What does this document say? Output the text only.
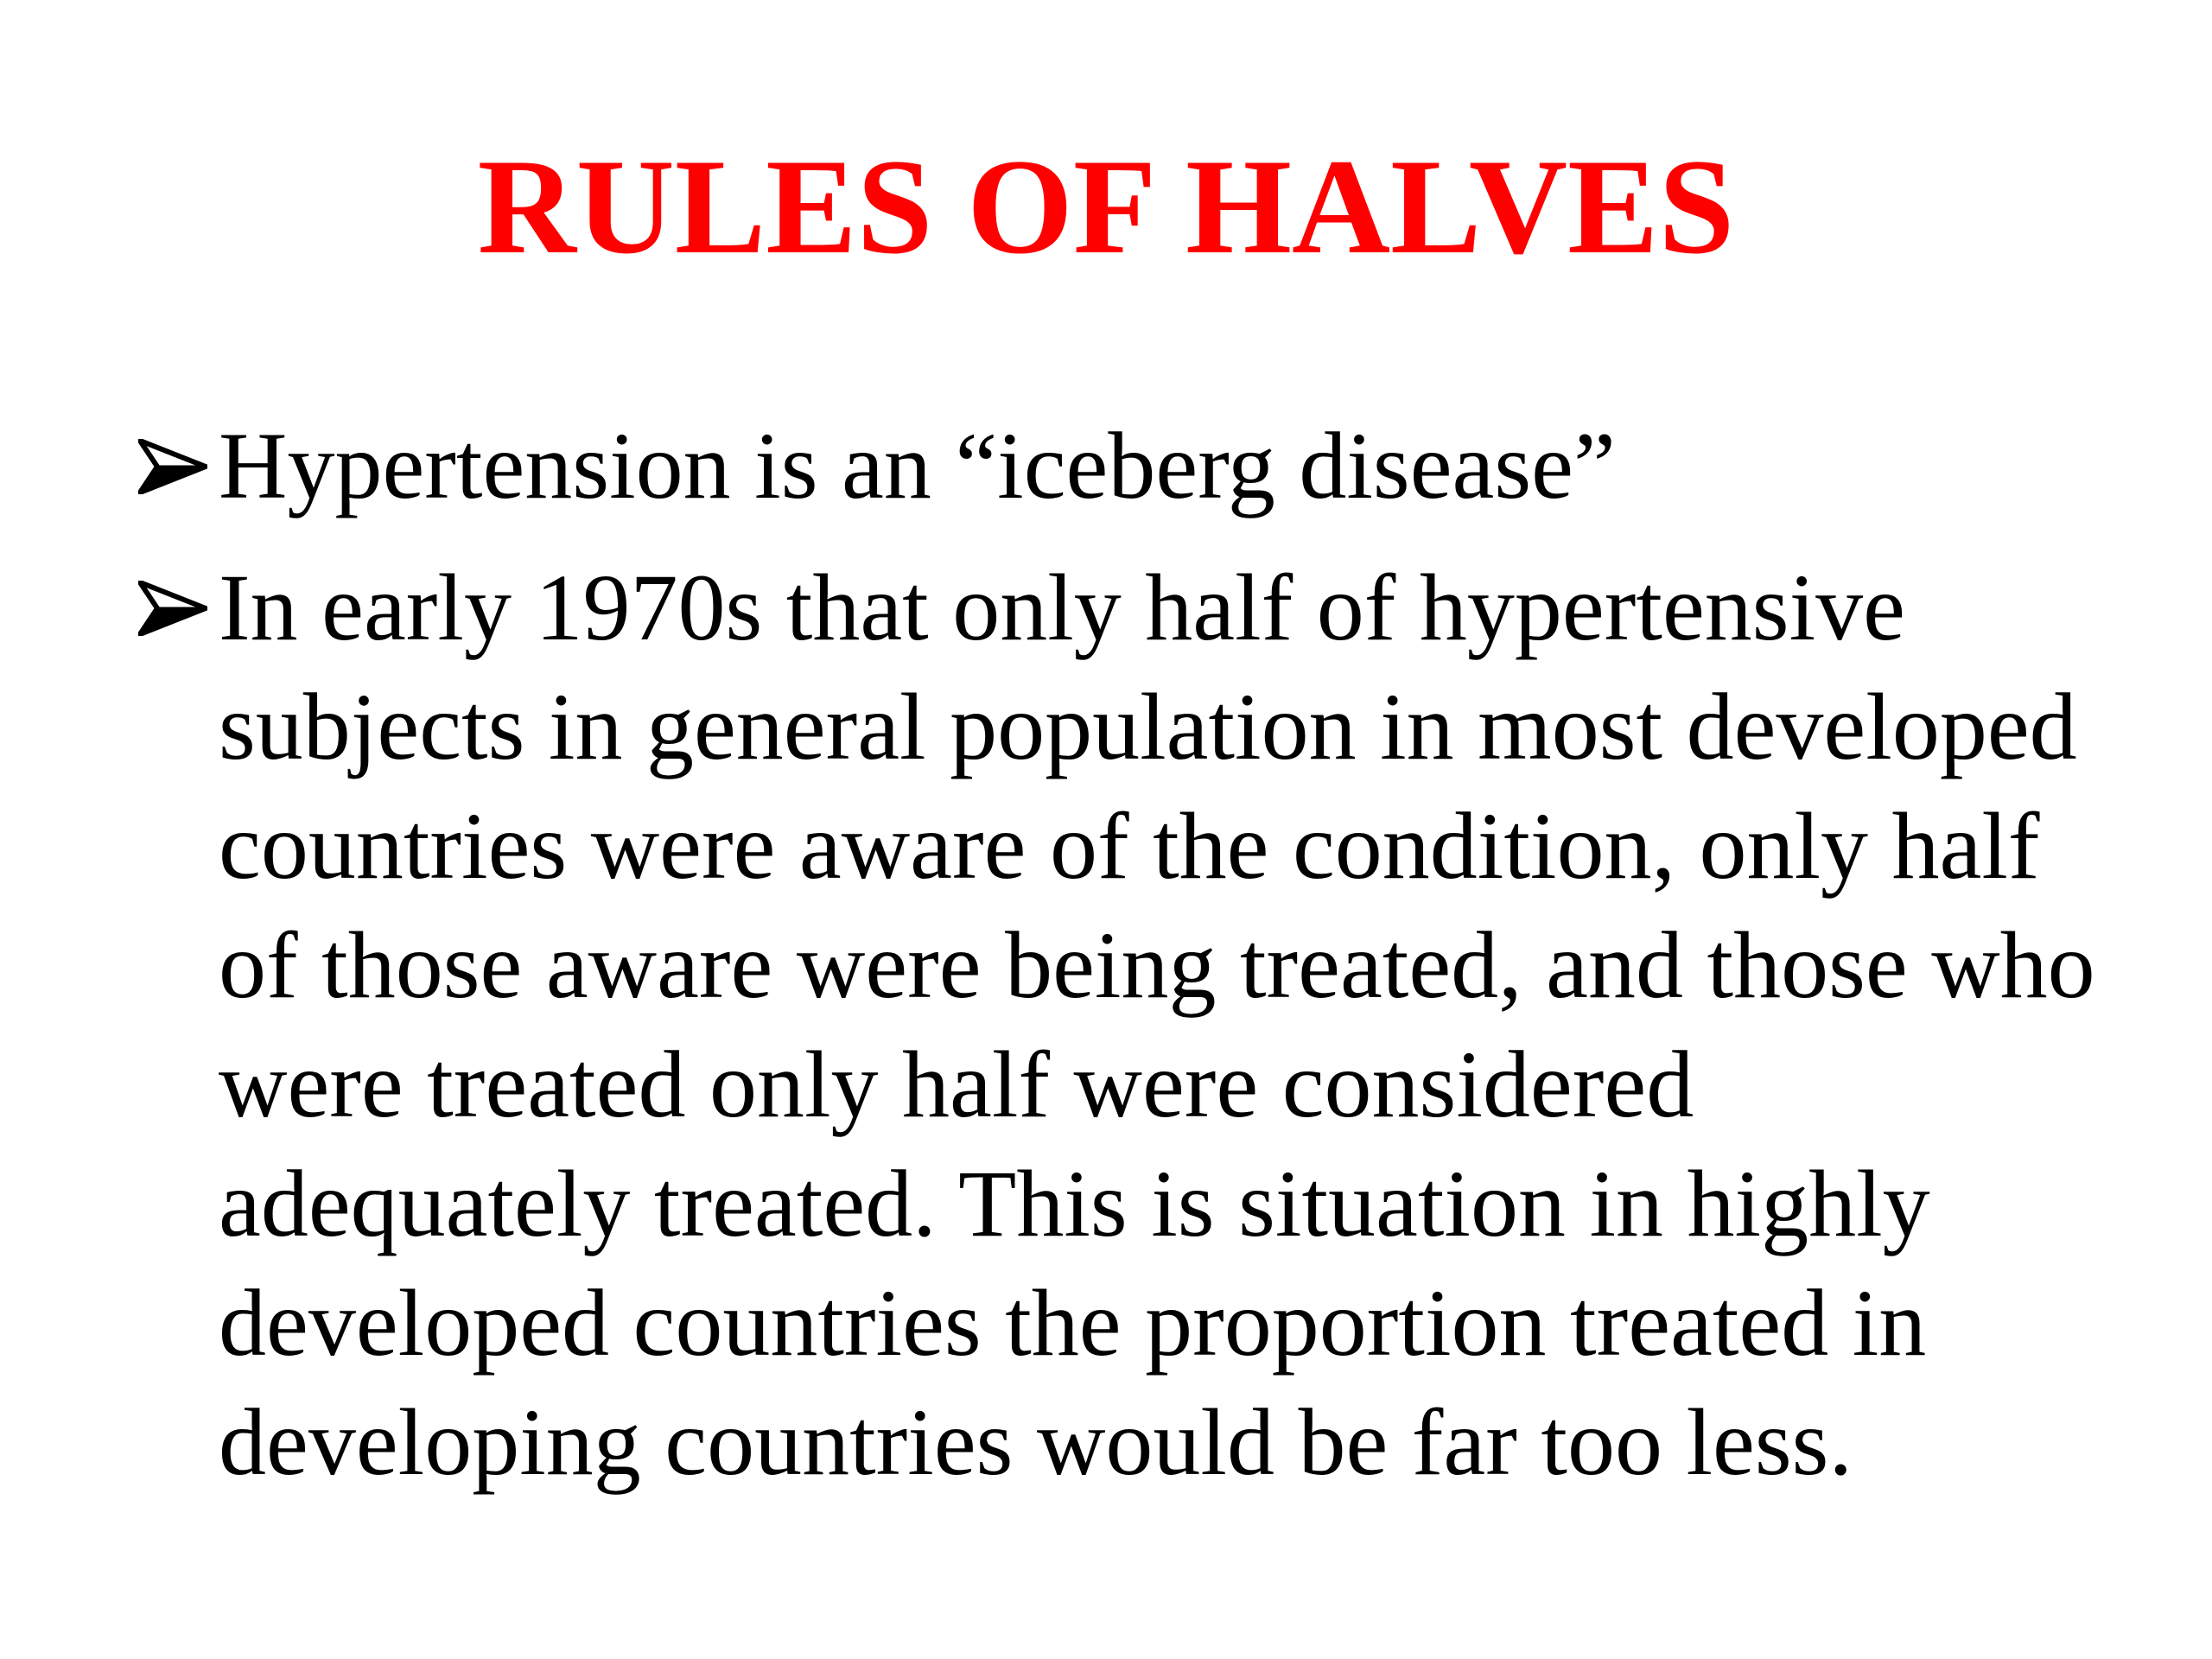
RULES OF HALVES
Hypertension is an “iceberg disease”
In early 1970s that only half of hypertensive subjects in general population in most developed countries were aware of the condition, only half of those aware were being treated, and those who were treated only half were considered adequately treated. This is situation in highly developed countries the proportion treated in developing countries would be far too less.
